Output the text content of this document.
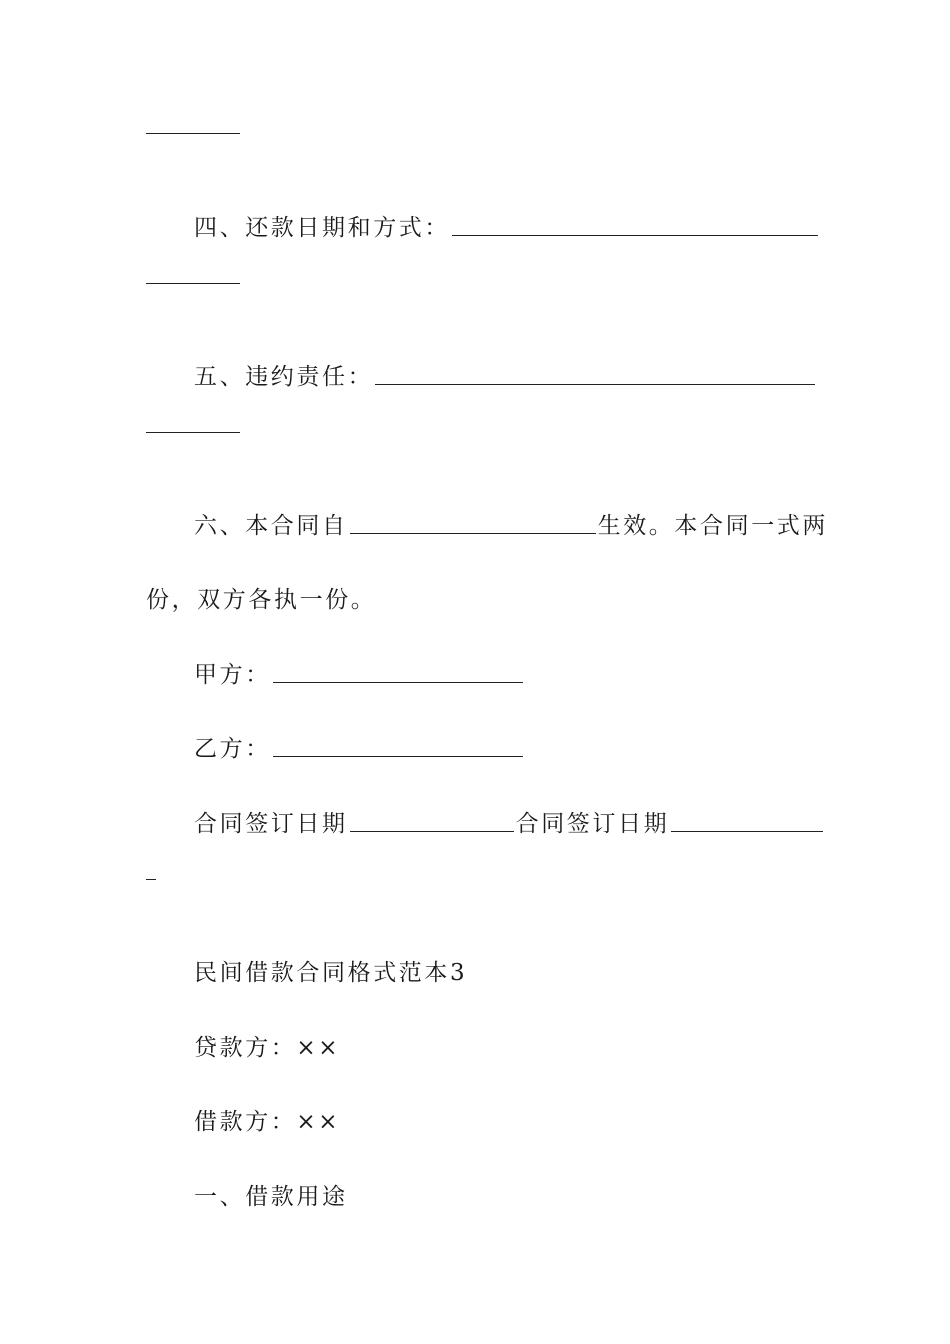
四、还款日期和方式：
五、违约责任：
六、本合同自	生效。本合同一式两
份，双方各执一份。
甲方：
乙方：
合同签订日期	合同签订日期
民间借款合同格式范本3
贷款方：××
借款方：××
一、借款用途
